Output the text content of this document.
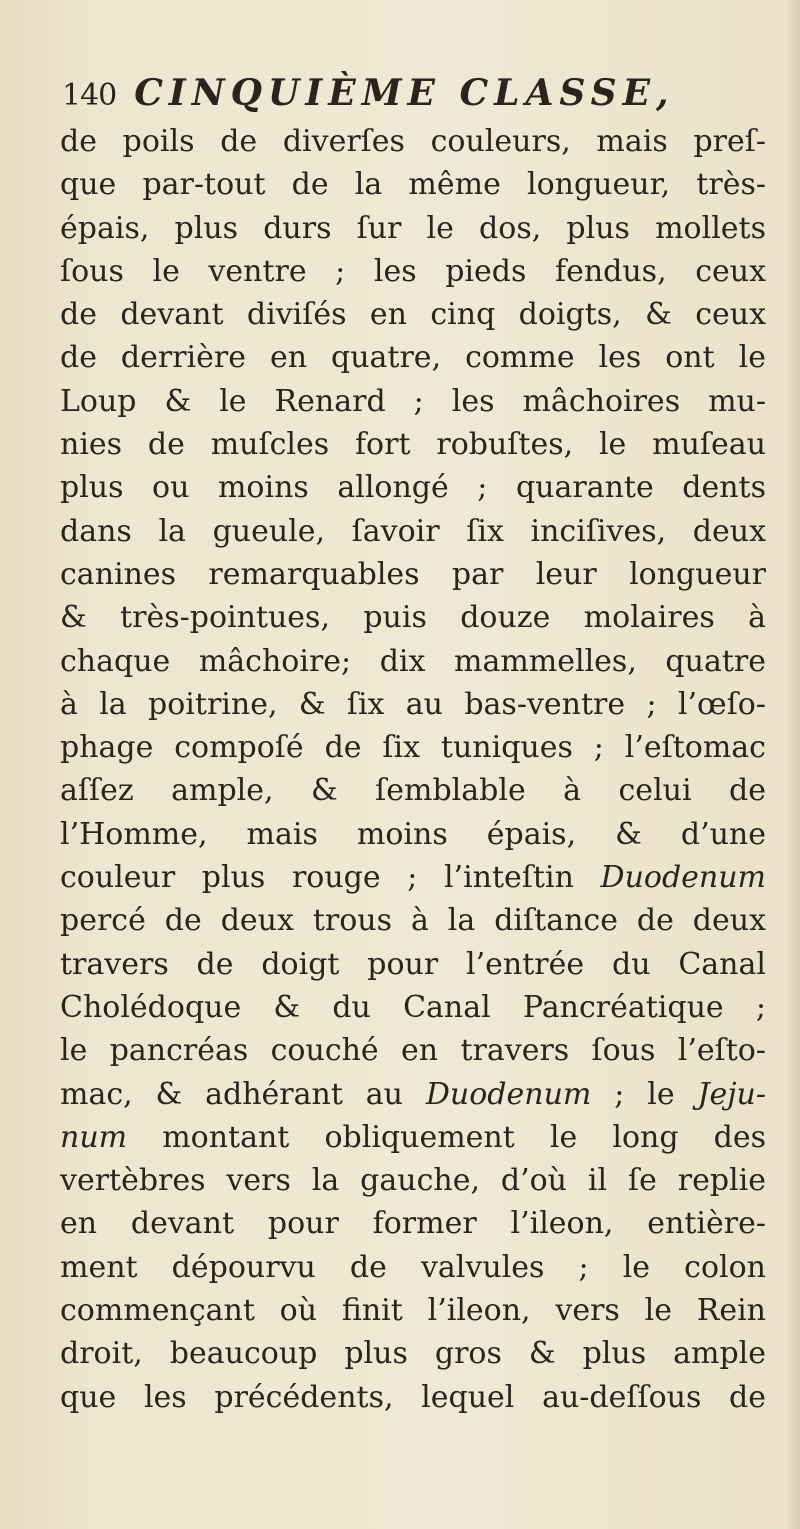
140 CINQUIÈME CLASSE,
de poils de diverſes couleurs, mais preſ-
que par-tout de la même longueur, très-
épais, plus durs ſur le dos, plus mollets
ſous le ventre ; les pieds fendus, ceux
de devant diviſés en cinq doigts, & ceux
de derrière en quatre, comme les ont le
Loup & le Renard ; les mâchoires mu-
nies de muſcles fort robuſtes, le muſeau
plus ou moins allongé ; quarante dents
dans la gueule, ſavoir ſix inciſives, deux
canines remarquables par leur longueur
& très-pointues, puis douze molaires à
chaque mâchoire; dix mammelles, quatre
à la poitrine, & ſix au bas-ventre ; l’œſo-
phage compoſé de ſix tuniques ; l’eſtomac
aſſez ample, & ſemblable à celui de
l’Homme, mais moins épais, & d’une
couleur plus rouge ; l’inteſtin Duodenum
percé de deux trous à la diſtance de deux
travers de doigt pour l’entrée du Canal
Cholédoque & du Canal Pancréatique ;
le pancréas couché en travers ſous l’eſto-
mac, & adhérant au Duodenum ; le Jeju-
num montant obliquement le long des
vertèbres vers la gauche, d’où il ſe replie
en devant pour former l’ileon, entière-
ment dépourvu de valvules ; le colon
commençant où finit l’ileon, vers le Rein
droit, beaucoup plus gros & plus ample
que les précédents, lequel au-deſſous de
